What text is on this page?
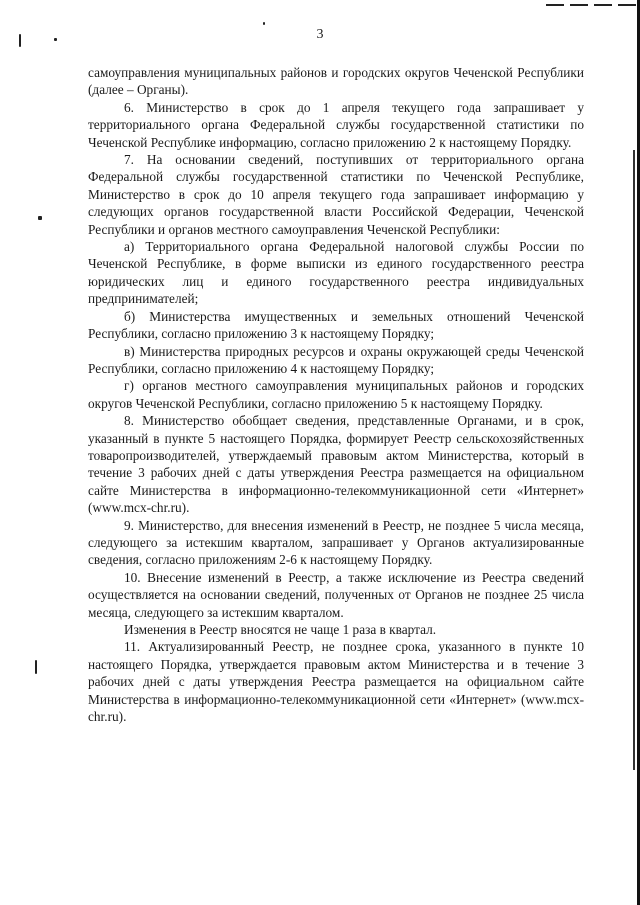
3

самоуправления муниципальных районов и городских округов Чеченской Республики (далее – Органы).

6. Министерство в срок до 1 апреля текущего года запрашивает у территориального органа Федеральной службы государственной статистики по Чеченской Республике информацию, согласно приложению 2 к настоящему Порядку.

7. На основании сведений, поступивших от территориального органа Федеральной службы государственной статистики по Чеченской Республике, Министерство в срок до 10 апреля текущего года запрашивает информацию у следующих органов государственной власти Российской Федерации, Чеченской Республики и органов местного самоуправления Чеченской Республики:

а) Территориального органа Федеральной налоговой службы России по Чеченской Республике, в форме выписки из единого государственного реестра юридических лиц и единого государственного реестра индивидуальных предпринимателей;

б) Министерства имущественных и земельных отношений Чеченской Республики, согласно приложению 3 к настоящему Порядку;

в) Министерства природных ресурсов и охраны окружающей среды Чеченской Республики, согласно приложению 4 к настоящему Порядку;

г) органов местного самоуправления муниципальных районов и городских округов Чеченской Республики, согласно приложению 5 к настоящему Порядку.

8. Министерство обобщает сведения, представленные Органами, и в срок, указанный в пункте 5 настоящего Порядка, формирует Реестр сельскохозяйственных товаропроизводителей, утверждаемый правовым актом Министерства, который в течение 3 рабочих дней с даты утверждения Реестра размещается на официальном сайте Министерства в информационно-телекоммуникационной сети «Интернет» (www.mcx-chr.ru).

9. Министерство, для внесения изменений в Реестр, не позднее 5 числа месяца, следующего за истекшим кварталом, запрашивает у Органов актуализированные сведения, согласно приложениям 2-6 к настоящему Порядку.

10. Внесение изменений в Реестр, а также исключение из Реестра сведений осуществляется на основании сведений, полученных от Органов не позднее 25 числа месяца, следующего за истекшим кварталом.

Изменения в Реестр вносятся не чаще 1 раза в квартал.

11. Актуализированный Реестр, не позднее срока, указанного в пункте 10 настоящего Порядка, утверждается правовым актом Министерства и в течение 3 рабочих дней с даты утверждения Реестра размещается на официальном сайте Министерства в информационно-телекоммуникационной сети «Интернет» (www.mcx-chr.ru).
